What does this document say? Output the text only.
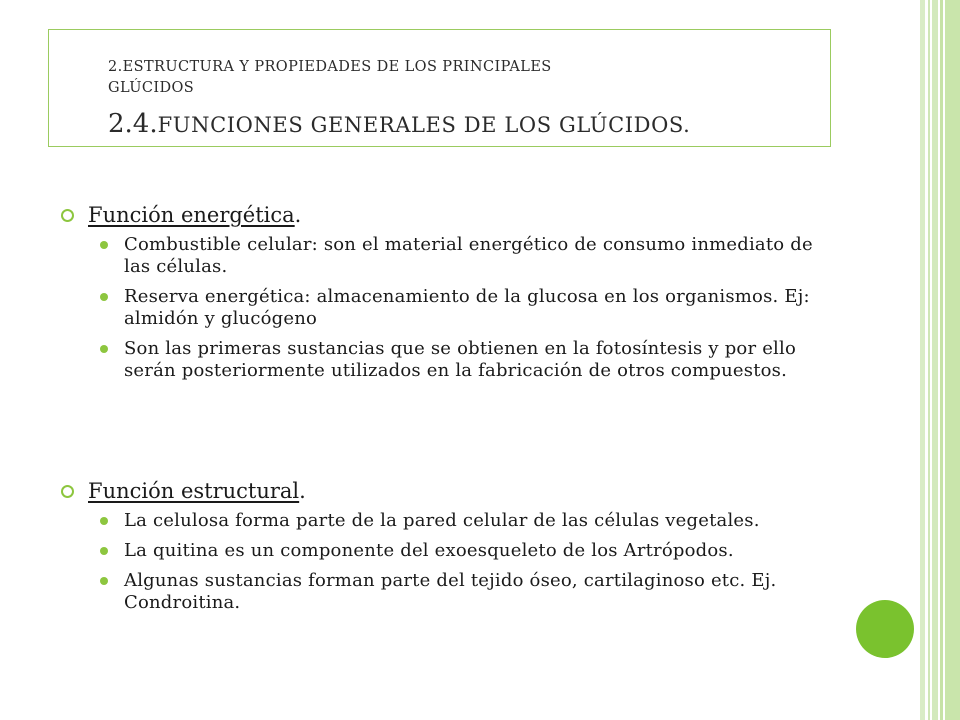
2.ESTRUCTURA Y PROPIEDADES DE LOS PRINCIPALES
GLÚCIDOS
2.4.FUNCIONES GENERALES DE LOS GLÚCIDOS.
Función energética.
Combustible celular: son el material energético de consumo inmediato de las células.
Reserva energética: almacenamiento de la glucosa en los organismos. Ej: almidón y glucógeno
Son las primeras sustancias que se obtienen en la fotosíntesis y por ello serán posteriormente utilizados en la fabricación de otros compuestos.
Función estructural.
La celulosa forma parte de la pared celular de las células vegetales.
La quitina es un componente del exoesqueleto de los Artrópodos.
Algunas sustancias forman parte del tejido óseo, cartilaginoso etc. Ej. Condroitina.
